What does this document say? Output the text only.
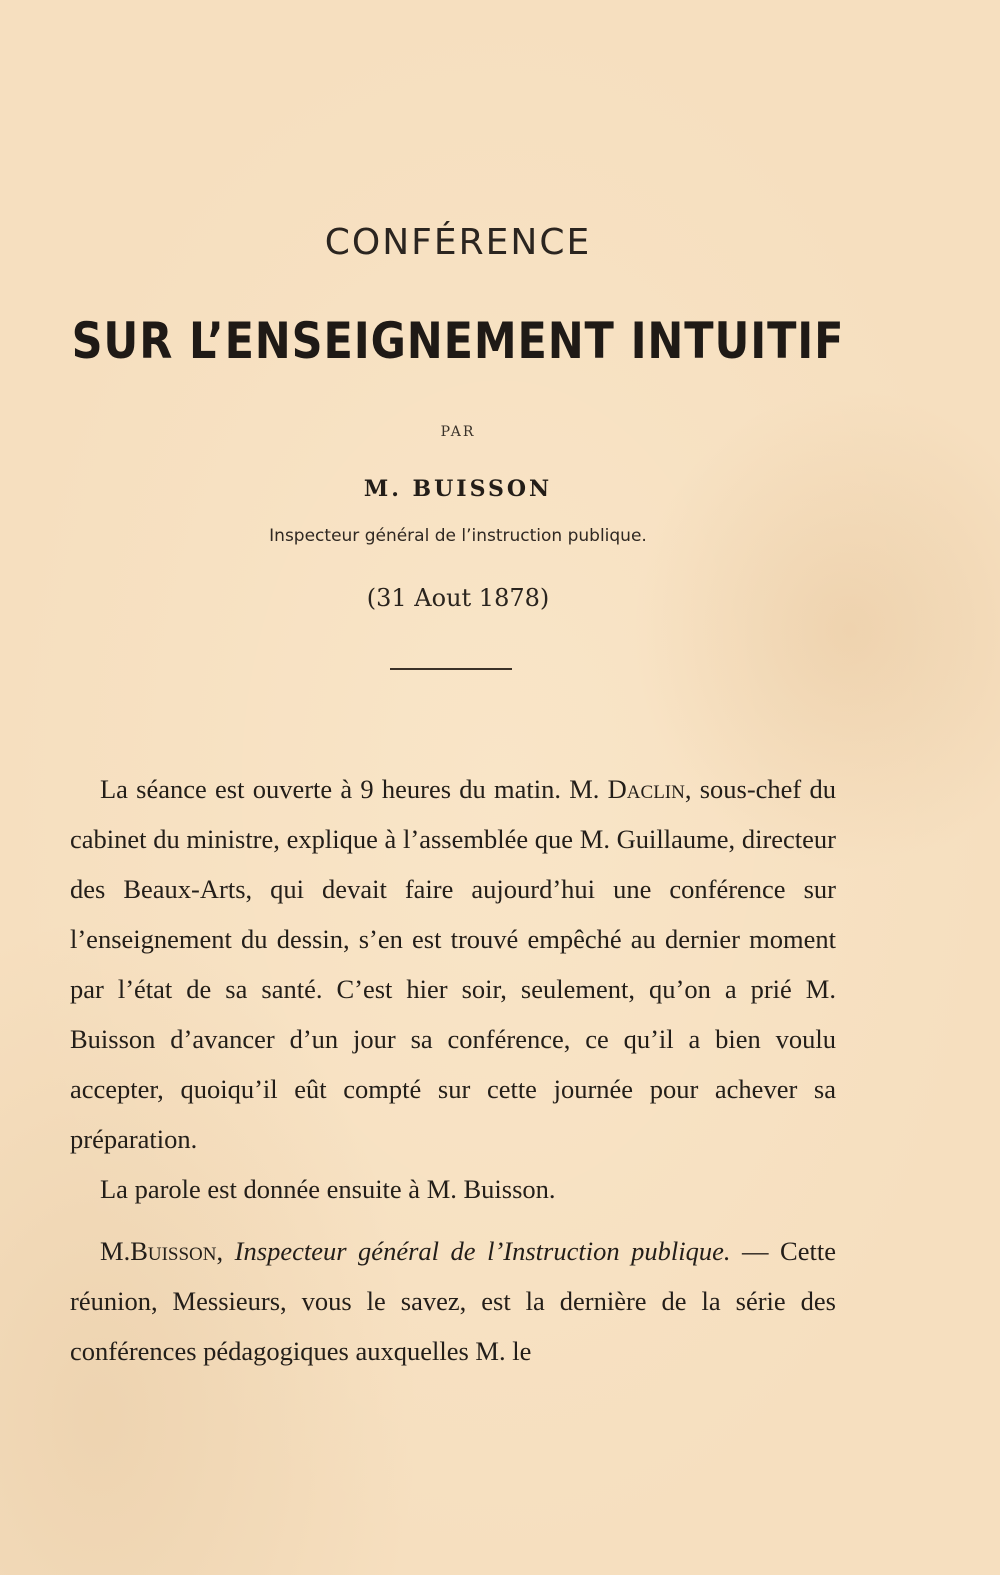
CONFÉRENCE
SUR L’ENSEIGNEMENT INTUITIF
PAR
M. BUISSON
Inspecteur général de l’instruction publique.
(31 Aout 1878)

La séance est ouverte à 9 heures du matin. M. Daclin, sous-chef du cabinet du ministre, explique à l’assemblée que M. Guillaume, directeur des Beaux-Arts, qui devait faire aujourd’hui une conférence sur l’enseignement du dessin, s’en est trouvé empêché au dernier moment par l’état de sa santé. C’est hier soir, seulement, qu’on a prié M. Buisson d’avancer d’un jour sa conférence, ce qu’il a bien voulu accepter, quoiqu’il eût compté sur cette journée pour achever sa préparation.

La parole est donnée ensuite à M. Buisson.

M.Buisson, Inspecteur général de l’Instruction publique. — Cette réunion, Messieurs, vous le savez, est la dernière de la série des conférences pédagogiques auxquelles M. le
